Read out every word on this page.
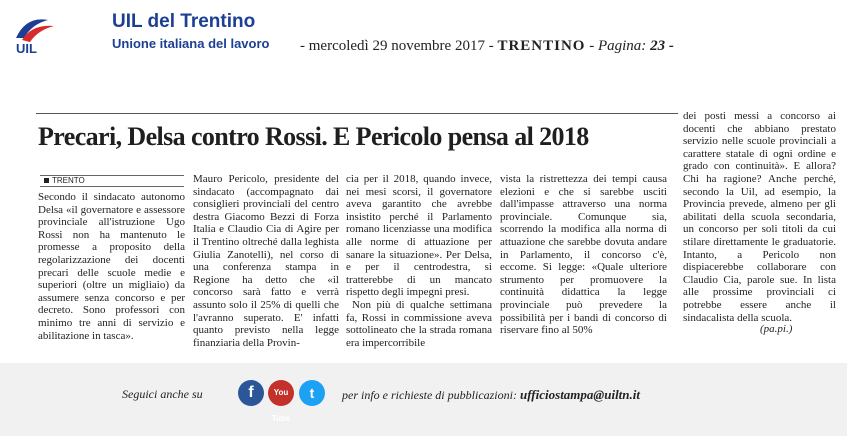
UIL
UIL del Trentino
Unione italiana del lavoro - mercoledì 29 novembre 2017 - TRENTINO - Pagina: 23 -
Precari, Delsa contro Rossi. E Pericolo pensa al 2018
TRENTO

Secondo il sindacato autonomo Delsa «il governatore e assessore provinciale all'istruzione Ugo Rossi non ha mantenuto le promesse a proposito della regolarizzazione dei docenti precari delle scuole medie e superiori (oltre un migliaio) da assumere senza concorso e per decreto. Sono professori con minimo tre anni di servizio e abilitazione in tasca».

Mauro Pericolo, presidente del sindacato (accompagnato dai consiglieri provinciali del centro destra Giacomo Bezzi di Forza Italia e Claudio Cia di Agire per il Trentino oltreché dalla leghista Giulia Zanotelli), nel corso di una conferenza stampa in Regione ha detto che «il concorso sarà fatto e verrà assunto solo il 25% di quelli che l'avranno superato. E' infatti quanto previsto nella legge finanziaria della Provin-

cia per il 2018, quando invece, nei mesi scorsi, il governatore aveva garantito che avrebbe insistito perché il Parlamento romano licenziasse una modifica alle norme di attuazione per sanare la situazione». Per Delsa, e per il centrodestra, si tratterebbe di un mancato rispetto degli impegni presi.

Non più di qualche settimana fa, Rossi in commissione aveva sottolineato che la strada romana era impercorribile

vista la ristrettezza dei tempi causa elezioni e che si sarebbe usciti dall'impasse attraverso una norma provinciale. Comunque sia, scorrendo la modifica alla norma di attuazione che sarebbe dovuta andare in Parlamento, il concorso c'è, eccome. Si legge: «Quale ulteriore strumento per promuovere la continuità didattica la legge provinciale può prevedere la possibilità per i bandi di concorso di riservare fino al 50%

dei posti messi a concorso ai docenti che abbiano prestato servizio nelle scuole provinciali a carattere statale di ogni ordine e grado con continuità». E allora? Chi ha ragione? Anche perché, secondo la Uil, ad esempio, la Provincia prevede, almeno per gli abilitati della scuola secondaria, un concorso per soli titoli da cui stilare direttamente le graduatorie. Intanto, a Pericolo non dispiacerebbe collaborare con Claudio Cia, parole sue. In lista alle prossime provinciali ci potrebbe essere anche il sindacalista della scuola.

(pa.pi.)
Seguici anche su	f	You Tube
t	per info e richieste di pubblicazioni: ufficiostampa@uiltn.it
